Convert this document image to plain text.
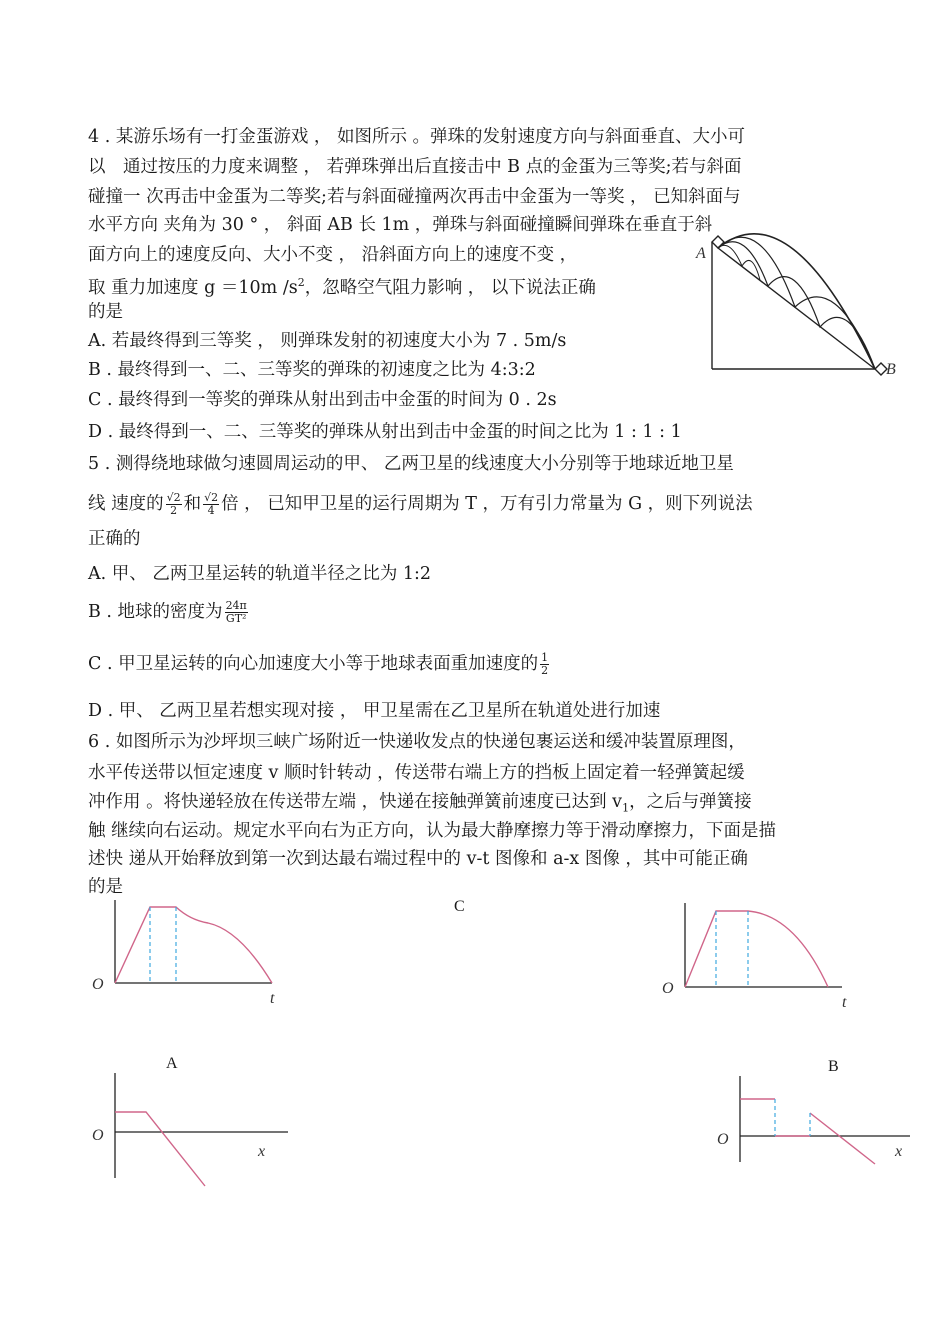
4 . 某游乐场有一打金蛋游戏 ， 如图所示 。弹珠的发射速度方向与斜面垂直、大小可
以　通过按压的力度来调整 ， 若弹珠弹出后直接击中 B 点的金蛋为三等奖;若与斜面
碰撞一 次再击中金蛋为二等奖;若与斜面碰撞两次再击中金蛋为一等奖 ， 已知斜面与
水平方向 夹角为 30 ° ， 斜面 AB 长 1m ，弹珠与斜面碰撞瞬间弹珠在垂直于斜
面方向上的速度反向、大小不变 ， 沿斜面方向上的速度不变 ，
取 重力加速度 g ＝10m $/s^2$，忽略空气阻力影响 ， 以下说法正确
的是
A. 若最终得到三等奖 ， 则弹珠发射的初速度大小为 7 . 5m/s
B . 最终得到一、二、三等奖的弹珠的初速度之比为 4:3:2
C . 最终得到一等奖的弹珠从射出到击中金蛋的时间为 0 . 2s
D . 最终得到一、二、三等奖的弹珠从射出到击中金蛋的时间之比为 1 : 1 : 1
A
B
5 . 测得绕地球做匀速圆周运动的甲、 乙两卫星的线速度大小分别等于地球近地卫星
线 速度的 $\frac{√2}{2}$ 和 $\frac{√2}{4}$ 倍 ， 已知甲卫星的运行周期为 T ，万有引力常量为 G ，则下列说法
正确的
A. 甲、 乙两卫星运转的轨道半径之比为 1:2
B . 地球的密度为 $\frac{24\pi}{\text{GT²}}$
C . 甲卫星运转的向心加速度大小等于地球表面重加速度的 $\frac{1}{2}$
D . 甲、 乙两卫星若想实现对接 ， 甲卫星需在乙卫星所在轨道处进行加速
6 . 如图所示为沙坪坝三峡广场附近一快递收发点的快递包裹运送和缓冲装置原理图，
水平传送带以恒定速度 v 顺时针转动 ，传送带右端上方的挡板上固定着一轻弹簧起缓
冲作用 。将快递轻放在传送带左端 ，快递在接触弹簧前速度已达到 $v_1$，之后与弹簧接
触 继续向右运动。规定水平向右为正方向，认为最大静摩擦力等于滑动摩擦力，下面是描
述快 递从开始释放到第一次到达最右端过程中的 v-t 图像和 a-x 图像 ，其中可能正确
的是
C
A	B
O
t
O
t
O
x
O
x
